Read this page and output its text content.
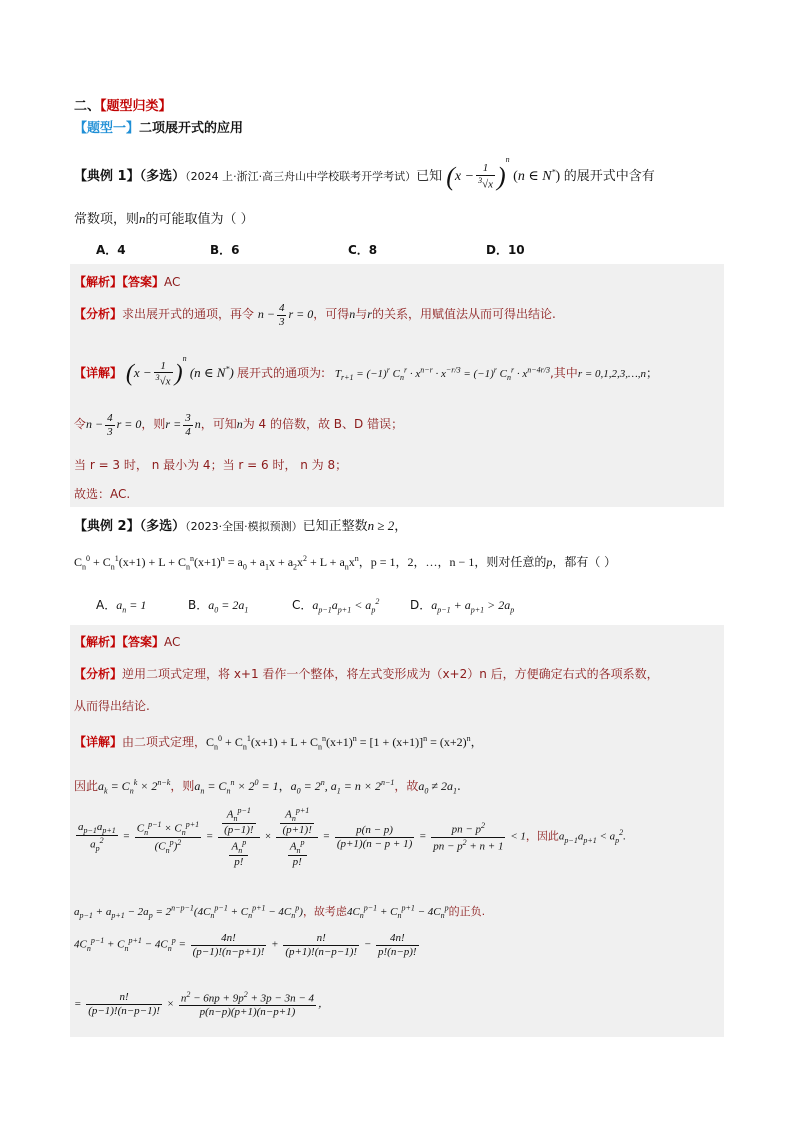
二、【题型归类】
【题型一】二项展开式的应用
【典例 1】（多选）（2024 上·浙江·高三舟山中学校联考开学考试）已知 $(x - \frac{1}{^3√x} )^n$ (n ∈ N*) 的展开式中含有
常数项，则n的可能取值为（ ）
A．4	B．6	C．8	D．10
【解析】【答案】AC
【分析】求出展开式的通项，再令 $n - \frac{4}{3}$ r = 0，可得n与r的关系，用赋值法从而可得出结论.
【详解】 $(x - \frac{1}{^3√x} )^n$ (n ∈ N*) 展开式的通项为: $T_{r+1} = (-1)^r$ $C_n^r \cdot x^{n-r} \cdot x^{-r/3} = (-1)^r$ $C_n^r \cdot x^{n-4r/3}$,其中r = 0,1,2,3,…,n；
令$n - \frac{4}{3}$ r = 0，则$r = \frac{3}{4}$ n，可知n为 4 的倍数，故 B、D 错误；
当 r = 3 时， n 最小为 4；当 r = 6 时， n 为 8；
故选：AC.
【典例 2】（多选）（2023·全国·模拟预测）已知正整数n ≥ 2，
$C_n^0 + C_n^1(x+1) + L + C_n^n(x+1)^n = a_0 + a_1x + a_2x^2 + L + a_nx^n$，p = 1，2，…，n − 1，则对任意的p，都有（ ）
A．$a_n = 1$	B．$a_0 = 2a_1$	C．$a_{p-1}a_{p+1} < a_p^2$	D．$a_{p-1} + a_{p+1} > 2a_p$
【解析】【答案】AC
【分析】逆用二项式定理，将 x+1 看作一个整体，将左式变形成为（x+2）n 后，方便确定右式的各项系数，
从而得出结论.
【详解】由二项式定理，$C_n^0 + C_n^1(x+1) + L + C_n^n(x+1)^n = [1 + (x+1)]^n = (x+2)^n$，
因此$a_k = C_n^k \times 2^{n-k}$，则$a_n = C_n^n \times 2^0 = 1$，$a_0 = 2^n$, $a_1 = n \times 2^{n-1}$，故$a_0 \ne 2a_1$.
$\frac{a_{p-1}a_{p+1}}{a_p^2} = \frac{C_n^{p-1} \times C_n^{p+1}}{(C_n^p)^2} = \frac{\frac{A_n^{p-1}}{(p-1)!}}{\frac{A_n^p}{p!}} \times \frac{\frac{A_n^{p+1}}{(p+1)!}}{\frac{A_n^p}{p!}} = \frac{p(n - p)}{(p+1)(n - p + 1)} = \frac{pn - p^2}{pn - p^2 + n + 1} < 1$，因此$a_{p-1}a_{p+1} < a_p^2$.
$a_{p-1} + a_{p+1} - 2a_p = 2^{n-p-1}(4C_n^{p-1} + C_n^{p+1} - 4C_n^p)$，故考虑$4C_n^{p-1} + C_n^{p+1} - 4C_n^p$的正负.
$4C_n^{p-1} + C_n^{p+1} - 4C_n^p = \frac{4n!}{(p-1)!(n-p+1)!} + \frac{n!}{(p+1)!(n-p-1)!} - \frac{4n!}{p!(n-p)!}$
= $\frac{n!}{(p-1)!(n-p-1)!} \times \frac{n^2 - 6np + 9p^2 + 3p - 3n - 4}{p(n-p)(p+1)(n-p+1)}$ ，
